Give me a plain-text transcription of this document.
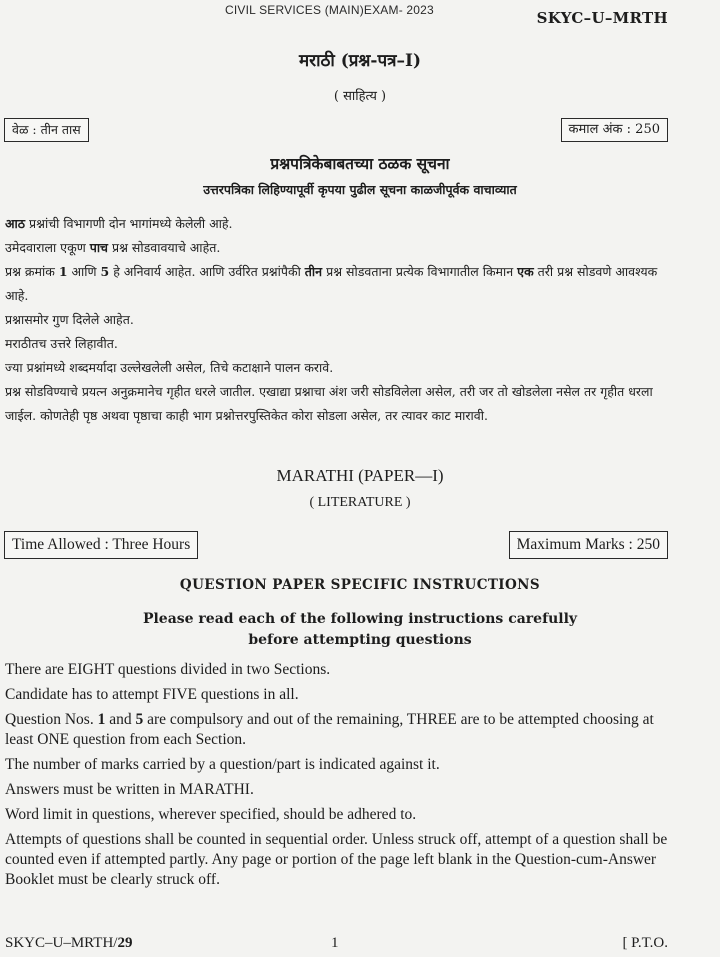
CIVIL SERVICES (MAIN)EXAM- 2023	SKYC–U–MRTH
मराठी (प्रश्न-पत्र–I)
( साहित्य )
वेळ : तीन तास	कमाल अंक : 250
प्रश्नपत्रिकेबाबतच्या ठळक सूचना
उत्तरपत्रिका लिहिण्यापूर्वी कृपया पुढील सूचना काळजीपूर्वक वाचाव्यात
आठ प्रश्नांची विभागणी दोन भागांमध्ये केलेली आहे.
उमेदवाराला एकूण पाच प्रश्न सोडवावयाचे आहेत.
प्रश्न क्रमांक 1 आणि 5 हे अनिवार्य आहेत. आणि उर्वरित प्रश्नांपैकी तीन प्रश्न सोडवताना प्रत्येक विभागातील किमान एक तरी प्रश्न सोडवणे आवश्यक आहे.
प्रश्नासमोर गुण दिलेले आहेत.
मराठीतच उत्तरे लिहावीत.
ज्या प्रश्नांमध्ये शब्दमर्यादा उल्लेखलेली असेल, तिचे कटाक्षाने पालन करावे.
प्रश्न सोडविण्याचे प्रयत्न अनुक्रमानेच गृहीत धरले जातील. एखाद्या प्रश्नाचा अंश जरी सोडविलेला असेल, तरी जर तो खोडलेला नसेल तर गृहीत धरला जाईल. कोणतेही पृष्ठ अथवा पृष्ठाचा काही भाग प्रश्नोत्तरपुस्तिकेत कोरा सोडला असेल, तर त्यावर काट मारावी.
MARATHI (PAPER—I)
( LITERATURE )
Time Allowed : Three Hours	Maximum Marks : 250
QUESTION PAPER SPECIFIC INSTRUCTIONS
Please read each of the following instructions carefully
before attempting questions
There are EIGHT questions divided in two Sections.
Candidate has to attempt FIVE questions in all.
Question Nos. 1 and 5 are compulsory and out of the remaining, THREE are to be attempted choosing at least ONE question from each Section.
The number of marks carried by a question/part is indicated against it.
Answers must be written in MARATHI.
Word limit in questions, wherever specified, should be adhered to.
Attempts of questions shall be counted in sequential order. Unless struck off, attempt of a question shall be counted even if attempted partly. Any page or portion of the page left blank in the Question-cum-Answer Booklet must be clearly struck off.
SKYC–U–MRTH/29	1	[ P.T.O.
